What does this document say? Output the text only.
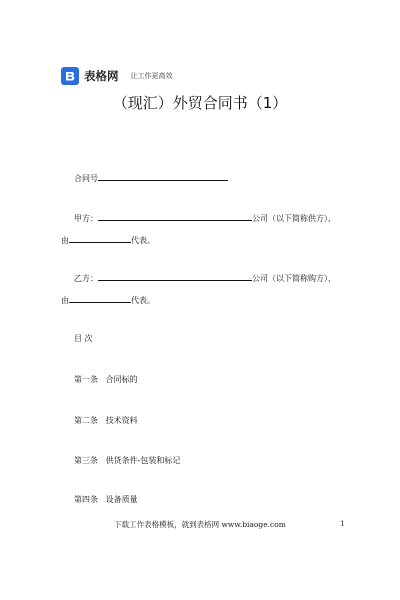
表格网 让工作更高效
（现汇）外贸合同书（1）
合同号
甲方：	公司（以下简称供方），
由	代表。
乙方：	公司（以下简称购方），
由	代表。
目 次
第一条 合同标的
第二条 技术资料
第三条 供货条件-包装和标记
第四条 设备质量
下载工作表格模板，就到表格网 www.biaoge.com	1
